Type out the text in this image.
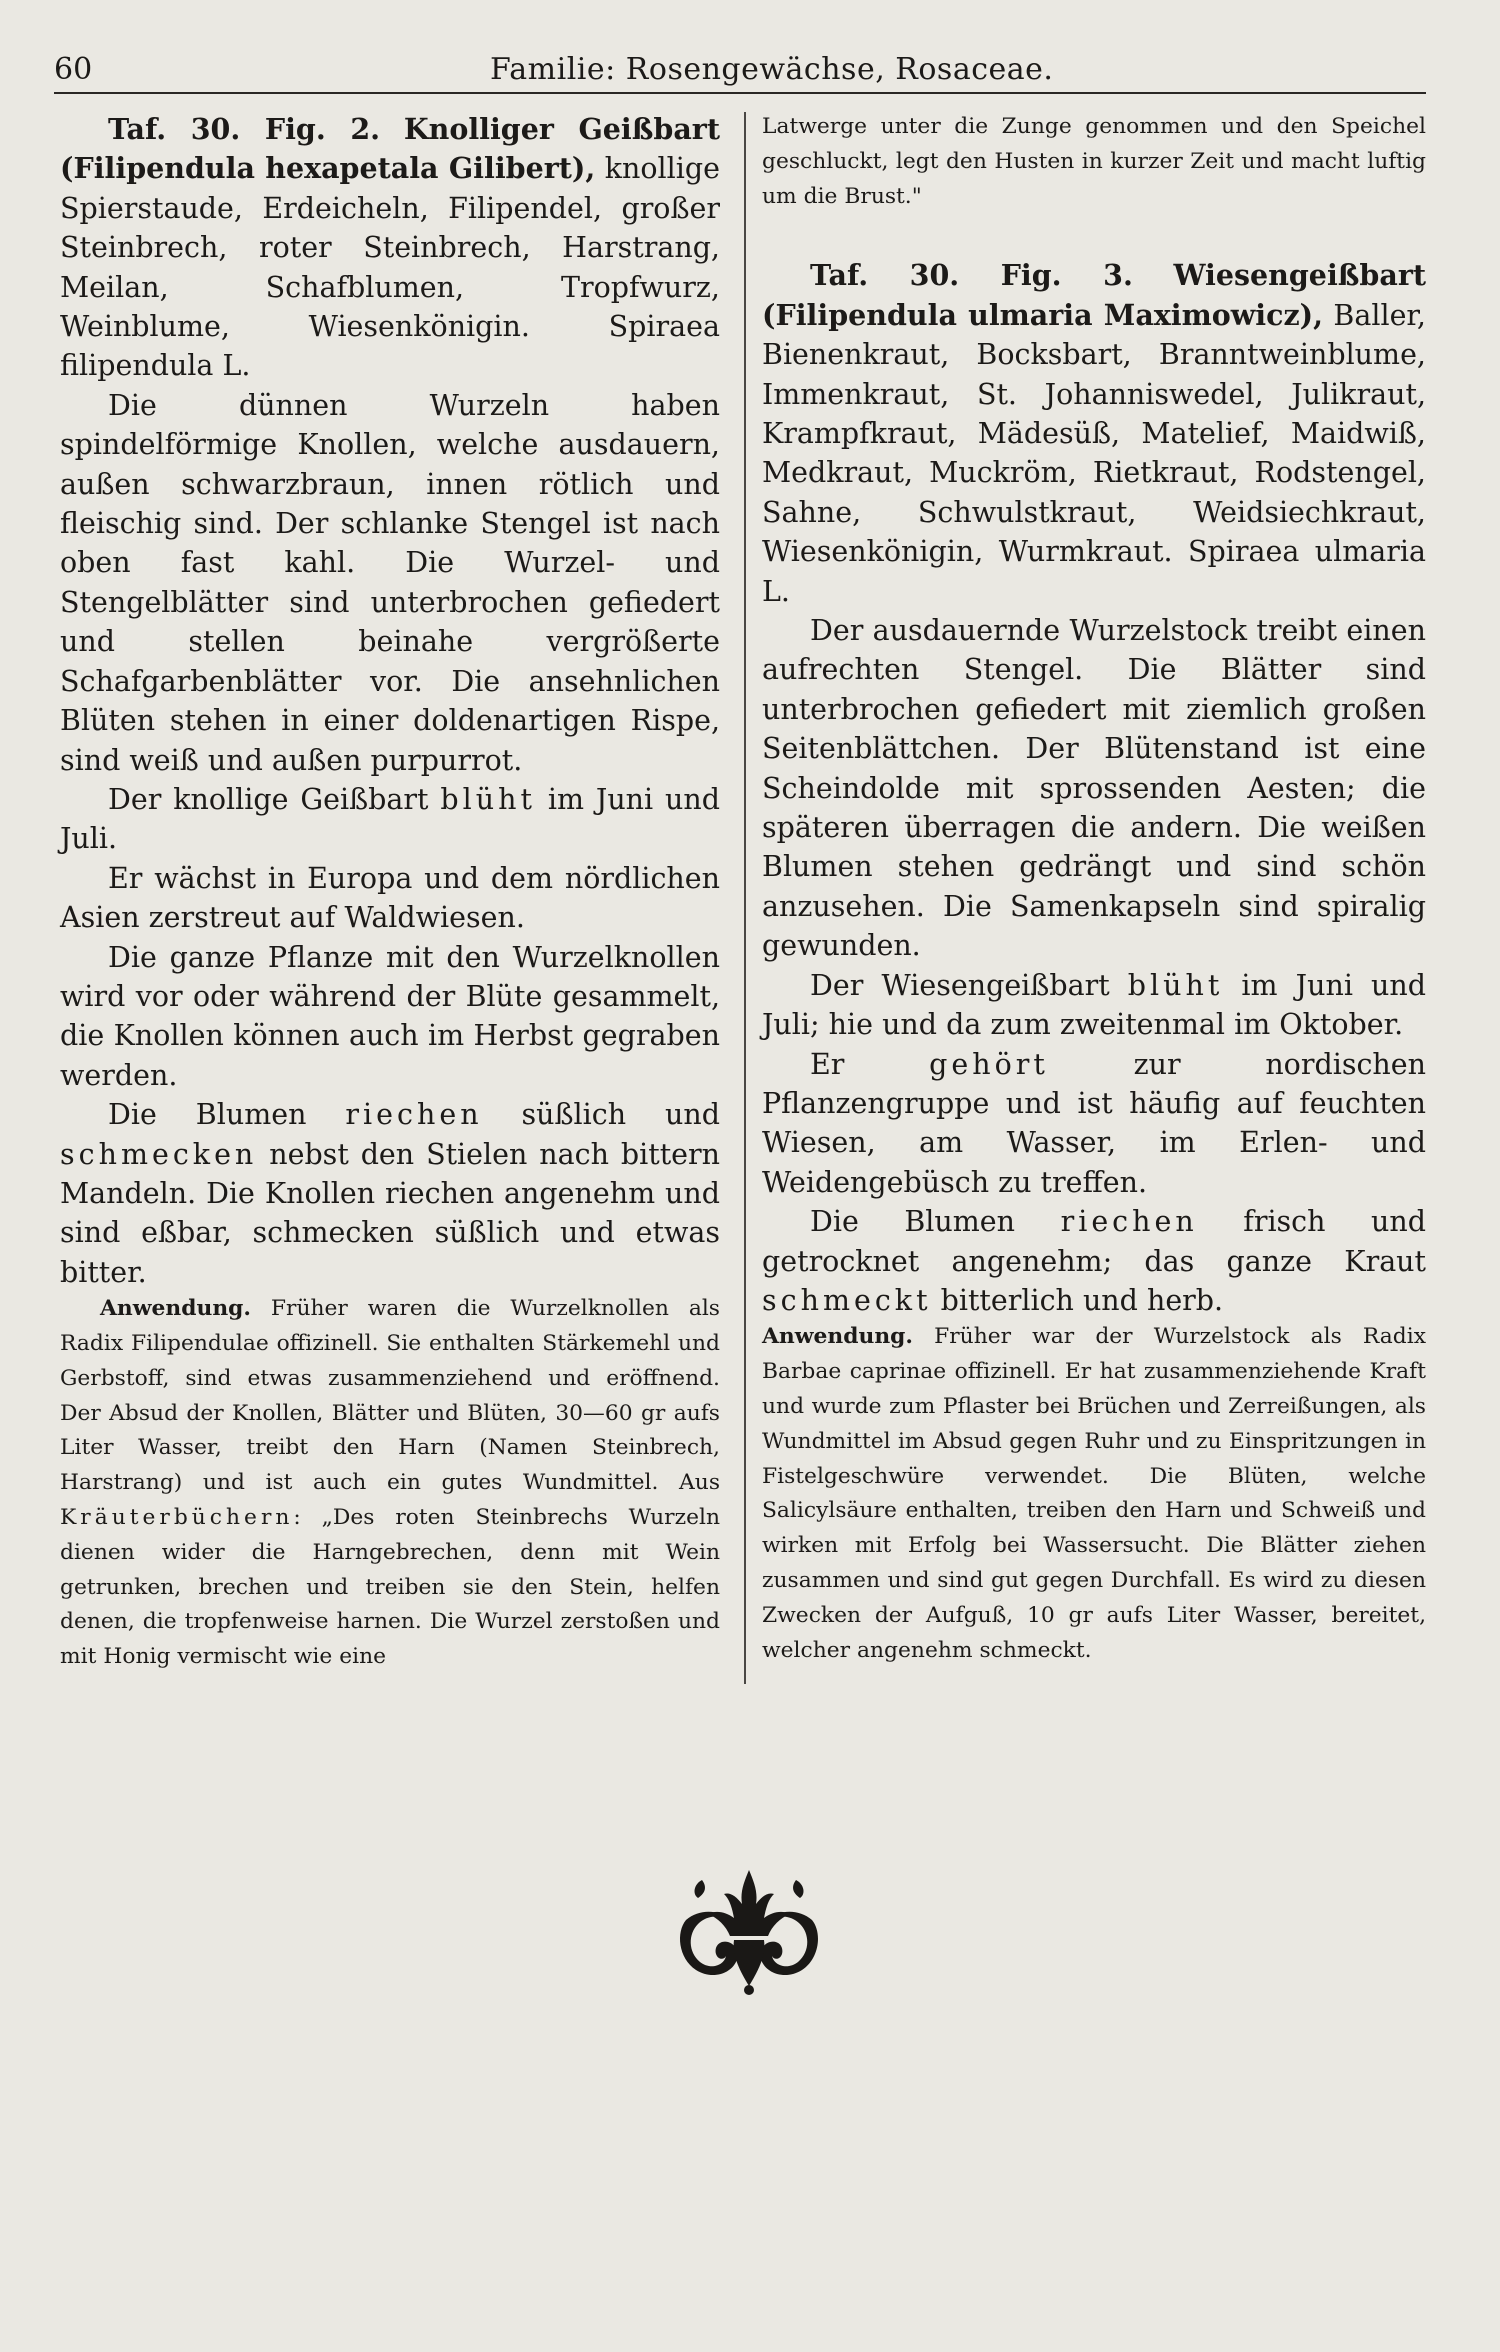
60	Familie: Rosengewächse, Rosaceae.

Taf. 30. Fig. 2. Knolliger Geißbart (Filipendula hexapetala Gilibert), knollige Spierstaude, Erdeicheln, Filipendel, großer Steinbrech, roter Steinbrech, Harstrang, Meilan, Schafblumen, Tropfwurz, Weinblume, Wiesenkönigin. Spiraea filipendula L.

Die dünnen Wurzeln haben spindelförmige Knollen, welche ausdauern, außen schwarzbraun, innen rötlich und fleischig sind. Der schlanke Stengel ist nach oben fast kahl. Die Wurzel- und Stengelblätter sind unterbrochen gefiedert und stellen beinahe vergrößerte Schafgarbenblätter vor. Die ansehnlichen Blüten stehen in einer doldenartigen Rispe, sind weiß und außen purpurrot.

Der knollige Geißbart blüht im Juni und Juli.

Er wächst in Europa und dem nördlichen Asien zerstreut auf Waldwiesen.

Die ganze Pflanze mit den Wurzelknollen wird vor oder während der Blüte gesammelt, die Knollen können auch im Herbst gegraben werden.

Die Blumen riechen süßlich und schmecken nebst den Stielen nach bittern Mandeln. Die Knollen riechen angenehm und sind eßbar, schmecken süßlich und etwas bitter.

Anwendung. Früher waren die Wurzelknollen als Radix Filipendulae offizinell. Sie enthalten Stärkemehl und Gerbstoff, sind etwas zusammenziehend und eröffnend. Der Absud der Knollen, Blätter und Blüten, 30—60 gr aufs Liter Wasser, treibt den Harn (Namen Steinbrech, Harstrang) und ist auch ein gutes Wundmittel. Aus Kräuterbüchern: „Des roten Steinbrechs Wurzeln dienen wider die Harngebrechen, denn mit Wein getrunken, brechen und treiben sie den Stein, helfen denen, die tropfenweise harnen. Die Wurzel zerstoßen und mit Honig vermischt wie eine

Latwerge unter die Zunge genommen und den Speichel geschluckt, legt den Husten in kurzer Zeit und macht luftig um die Brust."

Taf. 30. Fig. 3. Wiesengeißbart (Filipendula ulmaria Maximowicz), Baller, Bienenkraut, Bocksbart, Branntweinblume, Immenkraut, St. Johanniswedel, Julikraut, Krampfkraut, Mädesüß, Matelief, Maidwiß, Medkraut, Muckröm, Rietkraut, Rodstengel, Sahne, Schwulstkraut, Weidsiechkraut, Wiesenkönigin, Wurmkraut. Spiraea ulmaria L.

Der ausdauernde Wurzelstock treibt einen aufrechten Stengel. Die Blätter sind unterbrochen gefiedert mit ziemlich großen Seitenblättchen. Der Blütenstand ist eine Scheindolde mit sprossenden Aesten; die späteren überragen die andern. Die weißen Blumen stehen gedrängt und sind schön anzusehen. Die Samenkapseln sind spiralig gewunden.

Der Wiesengeißbart blüht im Juni und Juli; hie und da zum zweitenmal im Oktober.

Er gehört zur nordischen Pflanzengruppe und ist häufig auf feuchten Wiesen, am Wasser, im Erlen- und Weidengebüsch zu treffen.

Die Blumen riechen frisch und getrocknet angenehm; das ganze Kraut schmeckt bitterlich und herb.

Anwendung. Früher war der Wurzelstock als Radix Barbae caprinae offizinell. Er hat zusammenziehende Kraft und wurde zum Pflaster bei Brüchen und Zerreißungen, als Wundmittel im Absud gegen Ruhr und zu Einspritzungen in Fistelgeschwüre verwendet. Die Blüten, welche Salicylsäure enthalten, treiben den Harn und Schweiß und wirken mit Erfolg bei Wassersucht. Die Blätter ziehen zusammen und sind gut gegen Durchfall. Es wird zu diesen Zwecken der Aufguß, 10 gr aufs Liter Wasser, bereitet, welcher angenehm schmeckt.
